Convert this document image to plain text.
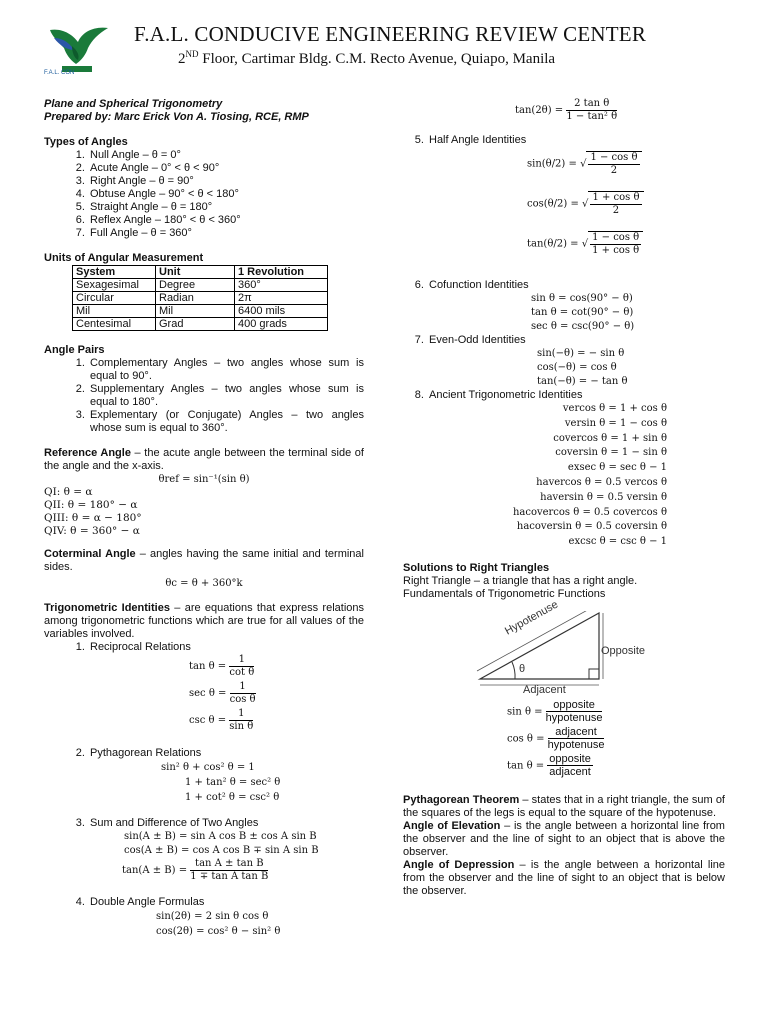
F.A.L. CON
F.A.L. CONDUCIVE ENGINEERING REVIEW CENTER
2ND Floor, Cartimar Bldg. C.M. Recto Avenue, Quiapo, Manila
Plane and Spherical Trigonometry
Prepared by: Marc Erick Von A. Tiosing, RCE, RMP
Types of Angles
1. Null Angle – θ = 0°
2. Acute Angle – 0° < θ < 90°
3. Right Angle – θ = 90°
4. Obtuse Angle – 90° < θ < 180°
5. Straight Angle – θ = 180°
6. Reflex Angle – 180° < θ < 360°
7. Full Angle – θ = 360°
Units of Angular Measurement
System	Unit	1 Revolution
Sexagesimal	Degree	360°
Circular	Radian	2π
Mil	Mil	6400 mils
Centesimal	Grad	400 grads
Angle Pairs
1. Complementary Angles – two angles whose sum is equal to 90°.
2. Supplementary Angles – two angles whose sum is equal to 180°.
3. Explementary (or Conjugate) Angles – two angles whose sum is equal to 360°.
Reference Angle – the acute angle between the terminal side of the angle and the x-axis.
θref = sin⁻¹(sin θ)
QI: θ = α
QII: θ = 180° − α
QIII: θ = α − 180°
QIV: θ = 360° − α
Coterminal Angle – angles having the same initial and terminal sides.
θc = θ + 360°k
Trigonometric Identities – are equations that express relations among trigonometric functions which are true for all values of the variables involved.
1. Reciprocal Relations
$\tan \theta = \frac{1}{\text{cot θ}}$
$\sec \theta = \frac{1}{\text{cos θ}}$
$\csc \theta = \frac{1}{\text{sin θ}}$
2. Pythagorean Relations
sin² θ + cos² θ = 1
1 + tan² θ = sec² θ
1 + cot² θ = csc² θ
3. Sum and Difference of Two Angles
sin(A ± B) = sin A cos B ± cos A sin B
cos(A ± B) = cos A cos B ∓ sin A sin B
$\tan(A \pm B) = \frac{\text{tan A ± tan B}}{\text{1 ∓ tan A tan B}}$
4. Double Angle Formulas
sin(2θ) = 2 sin θ cos θ
cos(2θ) = cos² θ − sin² θ
$\tan(2\theta) = \frac{\text{2 tan θ}}{\text{1 − tan² θ}}$
5. Half Angle Identities
sin(θ/2) = √ $\frac{\text{1 − cos θ}}{2}$
cos(θ/2) = √ $\frac{\text{1 + cos θ}}{2}$
tan(θ/2) = √ $\frac{\text{1 − cos θ}}{\text{1 + cos θ}}$
6. Cofunction Identities
sin θ = cos(90° − θ)
tan θ = cot(90° − θ)
sec θ = csc(90° − θ)
7. Even-Odd Identities
sin(−θ) = − sin θ
cos(−θ) = cos θ
tan(−θ) = − tan θ
8. Ancient Trigonometric Identities
vercos θ = 1 + cos θ
versin θ = 1 − cos θ
covercos θ = 1 + sin θ
coversin θ = 1 − sin θ
exsec θ = sec θ − 1
havercos θ = 0.5 vercos θ
haversin θ = 0.5 versin θ
hacovercos θ = 0.5 covercos θ
hacoversin θ = 0.5 coversin θ
excsc θ = csc θ − 1
Solutions to Right Triangles
Right Triangle – a triangle that has a right angle.
Fundamentals of Trigonometric Functions
Hypotenuse
Opposite
Adjacent
θ
$\sin \theta = \frac{\text{opposite}}{\text{hypotenuse}}$
$\cos \theta = \frac{\text{adjacent}}{\text{hypotenuse}}$
$\tan \theta = \frac{\text{opposite}}{\text{adjacent}}$
Pythagorean Theorem – states that in a right triangle, the sum of the squares of the legs is equal to the square of the hypotenuse.
Angle of Elevation – is the angle between a horizontal line from the observer and the line of sight to an object that is above the observer.
Angle of Depression – is the angle between a horizontal line from the observer and the line of sight to an object that is below the observer.
